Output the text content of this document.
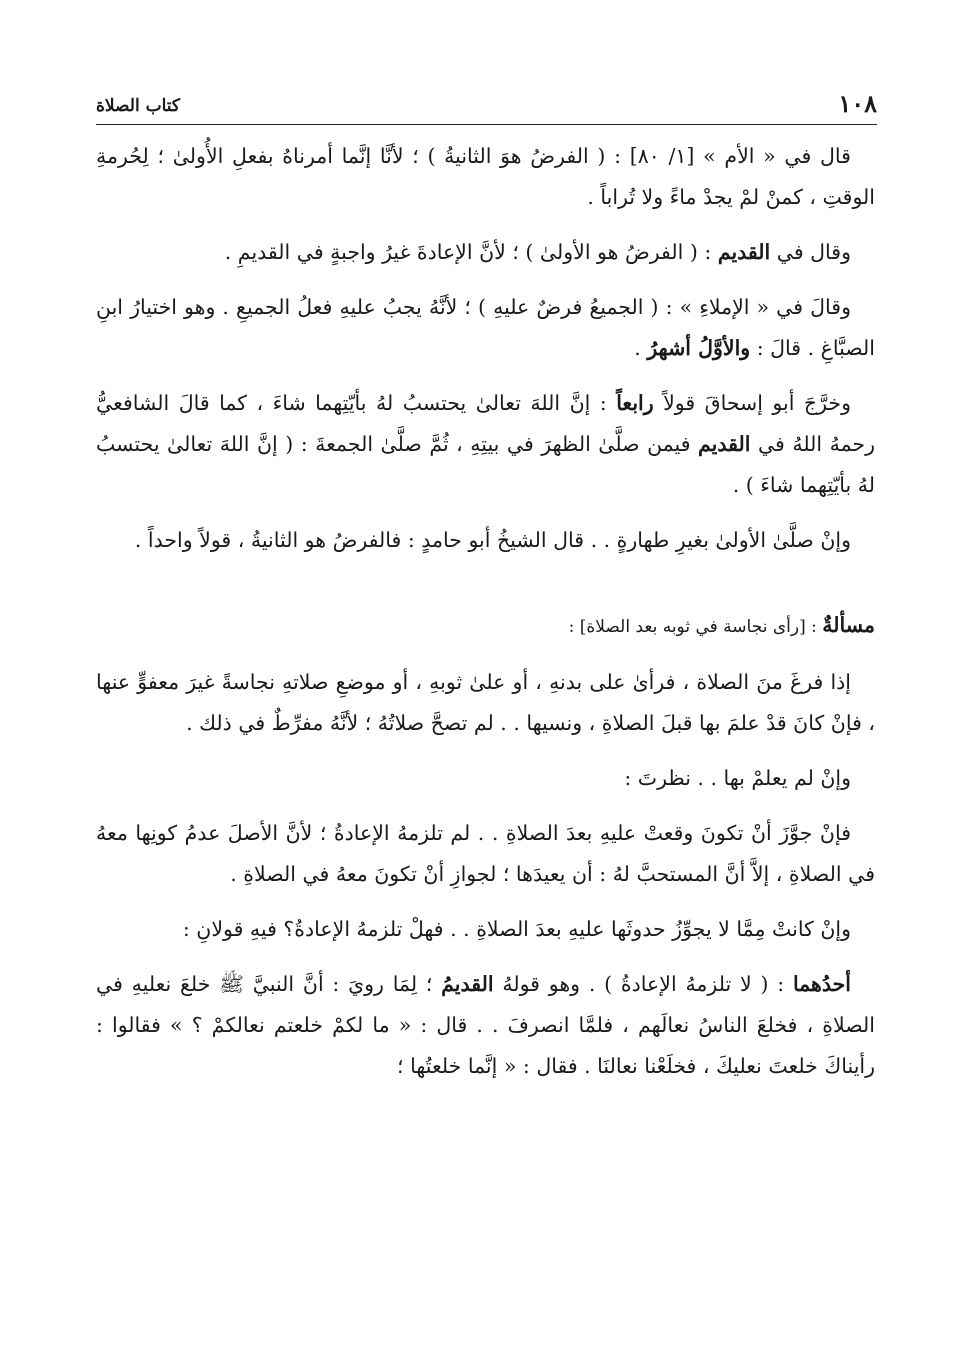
١٠٨
كتاب الصلاة

قال في « الأم » [١/ ٨٠] : ( الفرضُ هوَ الثانيةُ ) ؛ لأنَّا إنَّما أمرناهُ بفعلِ الأُولىٰ ؛ لِحُرمةِ الوقتِ ، كمنْ لمْ يجدْ ماءً ولا تُراباً .

وقال في القديم : ( الفرضُ هو الأولىٰ ) ؛ لأنَّ الإعادةَ غيرُ واجبةٍ في القديمِ .

وقالَ في « الإملاءِ » : ( الجميعُ فرضٌ عليهِ ) ؛ لأنَّهُ يجبُ عليهِ فعلُ الجميعِ . وهو اختيارُ ابنِ الصبَّاغِ . قالَ : والأوَّلُ أشهرُ .

وخرَّجَ أبو إسحاقَ قولاً رابعاً : إنَّ اللهَ تعالىٰ يحتسبُ لهُ بأيّتِهما شاءَ ، كما قالَ الشافعيُّ رحمهُ اللهُ في القديم فيمن صلَّىٰ الظهرَ في بيتِهِ ، ثُمَّ صلَّىٰ الجمعةَ : ( إنَّ اللهَ تعالىٰ يحتسبُ لهُ بأيّتِهما شاءَ ) .

وإنْ صلَّىٰ الأولىٰ بغيرِ طهارةٍ . . قال الشيخُ أبو حامدٍ : فالفرضُ هو الثانيةُ ، قولاً واحداً .

مسألةٌ : [رأى نجاسة في ثوبه بعد الصلاة] :

إذا فرغَ منَ الصلاة ، فرأىٰ على بدنهِ ، أو علىٰ ثوبهِ ، أو موضعِ صلاتهِ نجاسةً غيرَ معفوٍّ عنها ، فإنْ كانَ قدْ علمَ بها قبلَ الصلاةِ ، ونسيها . . لم تصحَّ صلاتُهُ ؛ لأنَّهُ مفرِّطٌ في ذلك .

وإنْ لم يعلمْ بها . . نظرتَ :

فإنْ جوَّزَ أنْ تكونَ وقعتْ عليهِ بعدَ الصلاةِ . . لم تلزمهُ الإعادةُ ؛ لأنَّ الأصلَ عدمُ كونِها معهُ في الصلاةِ ، إلاَّ أنَّ المستحبَّ لهُ : أن يعيدَها ؛ لجوازِ أنْ تكونَ معهُ في الصلاةِ .

وإنْ كانتْ مِمَّا لا يجوِّزُ حدوثَها عليهِ بعدَ الصلاةِ . . فهلْ تلزمهُ الإعادةُ؟ فيهِ قولانِ :

أحدُهما : ( لا تلزمهُ الإعادةُ ) . وهو قولهُ القديمُ ؛ لِمَا رويَ : أنَّ النبيَّ ﷺ خلعَ نعليهِ في الصلاةِ ، فخلعَ الناسُ نعالَهم ، فلمَّا انصرفَ . . قال : « ما لكمْ خلعتم نعالكمْ ؟ » فقالوا : رأيناكَ خلعتَ نعليكَ ، فخلَعْنا نعالنَا . فقال : « إنَّما خلعتُها ؛
